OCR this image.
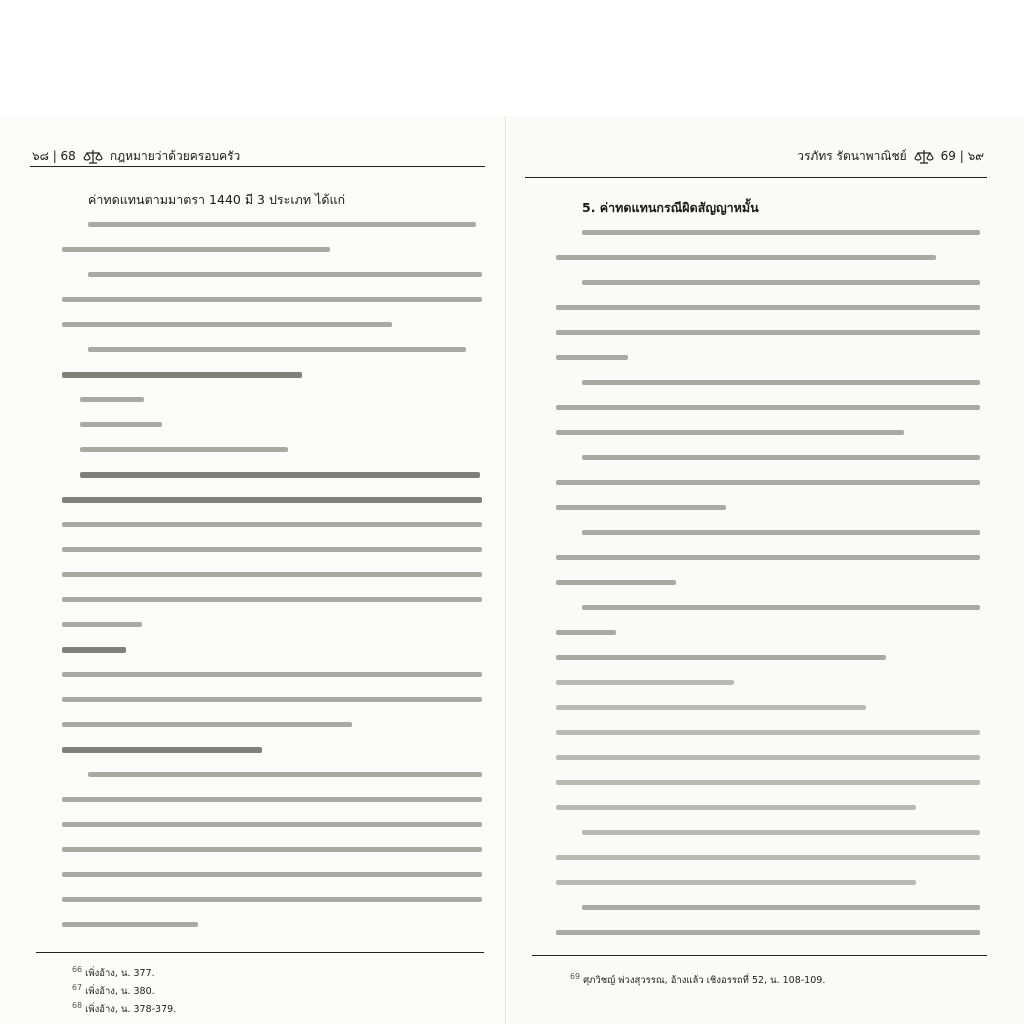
๖๘ | 68	กฎหมายว่าด้วยครอบครัว	วรภัทร รัตนาพาณิชย์	69 | ๖๙
ค่าทดแทนตามมาตรา 1440 มี 3 ประเภท ได้แก่
$^{66}$ เพิ่งอ้าง, น. 377.
$^{67}$ เพิ่งอ้าง, น. 380.
$^{68}$ เพิ่งอ้าง, น. 378-379.
5. ค่าทดแทนกรณีผิดสัญญาหมั้น
$^{69}$ ศุภวิชญ์ พ่วงสุวรรณ, อ้างแล้ว เชิงอรรถที่ 52, น. 108-109.
